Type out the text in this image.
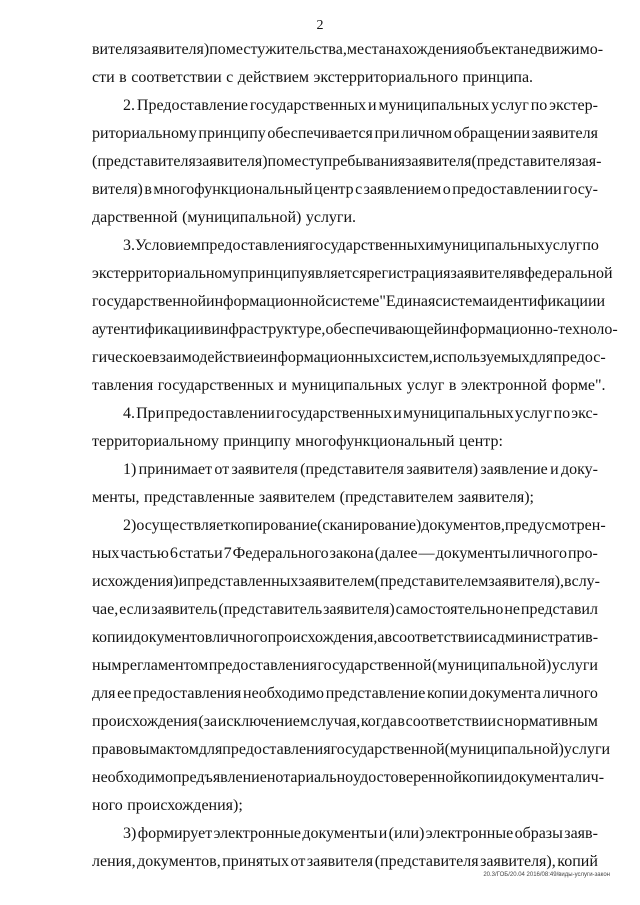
2
вителя заявителя) по месту жительства, места нахождения объекта недвижимо-
сти в соответствии с действием экстерриториального принципа.
2. Предоставление государственных и муниципальных услуг по экстер-
риториальному принципу обеспечивается при личном обращении заявителя
(представителя заявителя) по месту пребывания заявителя (представителя зая-
вителя) в многофункциональный центр с заявлением о предоставлении госу-
дарственной (муниципальной) услуги.
3. Условием предоставления государственных и муниципальных услуг по
экстерриториальному принципу является регистрация заявителя в федеральной
государственной информационной системе "Единая система идентификации и
аутентификации в инфраструктуре, обеспечивающей информационно-техноло-
гическое взаимодействие информационных систем, используемых для предос-
тавления государственных и муниципальных услуг в электронной форме".
4. При предоставлении государственных и муниципальных услуг по экс-
территориальному принципу многофункциональный центр:
1) принимает от заявителя (представителя заявителя) заявление и доку-
менты, представленные заявителем (представителем заявителя);
2) осуществляет копирование (сканирование) документов, предусмотрен-
ных частью 6 статьи 7 Федерального закона (далее — документы личного про-
исхождения) и представленных заявителем (представителем заявителя), в слу-
чае, если заявитель (представитель заявителя) самостоятельно не представил
копии документов личного происхождения, а в соответствии с административ-
ным регламентом предоставления государственной (муниципальной) услуги
для ее предоставления необходимо представление копии документа личного
происхождения (за исключением случая, когда в соответствии с нормативным
правовым актом для предоставления государственной (муниципальной) услуги
необходимо предъявление нотариально удостоверенной копии документа лич-
ного происхождения);
3) формирует электронные документы и (или) электронные образы заяв-
ления, документов, принятых от заявителя (представителя заявителя), копий
20.3/ГОБ/20.04 2016/08:49/виды-услуги-закон
